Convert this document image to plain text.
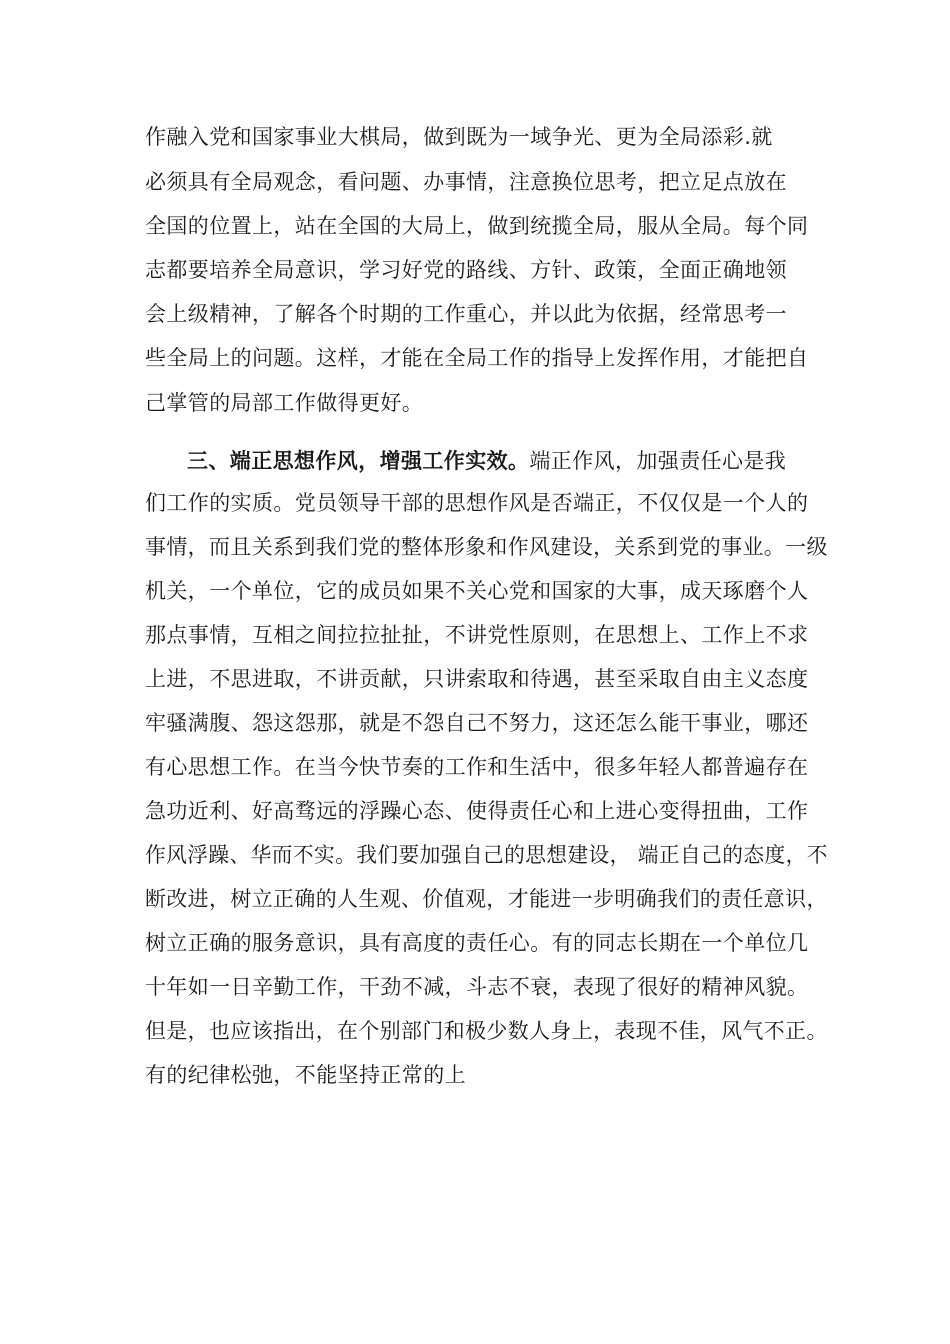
作融入党和国家事业大棋局，做到既为一域争光、更为全局添彩.就
必须具有全局观念，看问题、办事情，注意换位思考，把立足点放在
全国的位置上，站在全国的大局上，做到统揽全局，服从全局。每个同
志都要培养全局意识，学习好党的路线、方针、政策，全面正确地领
会上级精神，了解各个时期的工作重心，并以此为依据，经常思考一
些全局上的问题。这样，才能在全局工作的指导上发挥作用，才能把自
己掌管的局部工作做得更好。
三、端正思想作风，增强工作实效。端正作风，加强责任心是我
们工作的实质。党员领导干部的思想作风是否端正，不仅仅是一个人的
事情，而且关系到我们党的整体形象和作风建设，关系到党的事业。一级
机关，一个单位，它的成员如果不关心党和国家的大事，成天琢磨个人
那点事情，互相之间拉拉扯扯，不讲党性原则，在思想上、工作上不求
上进，不思进取，不讲贡献，只讲索取和待遇，甚至采取自由主义态度
牢骚满腹、怨这怨那，就是不怨自己不努力，这还怎么能干事业，哪还
有心思想工作。在当今快节奏的工作和生活中，很多年轻人都普遍存在
急功近利、好高骛远的浮躁心态、使得责任心和上进心变得扭曲，工作
作风浮躁、华而不实。我们要加强自己的思想建设， 端正自己的态度，不
断改进，树立正确的人生观、价值观，才能进一步明确我们的责任意识，
树立正确的服务意识，具有高度的责任心。有的同志长期在一个单位几
十年如一日辛勤工作，干劲不减，斗志不衰，表现了很好的精神风貌。
但是，也应该指出，在个别部门和极少数人身上，表现不佳，风气不正。
有的纪律松弛，不能坚持正常的上
